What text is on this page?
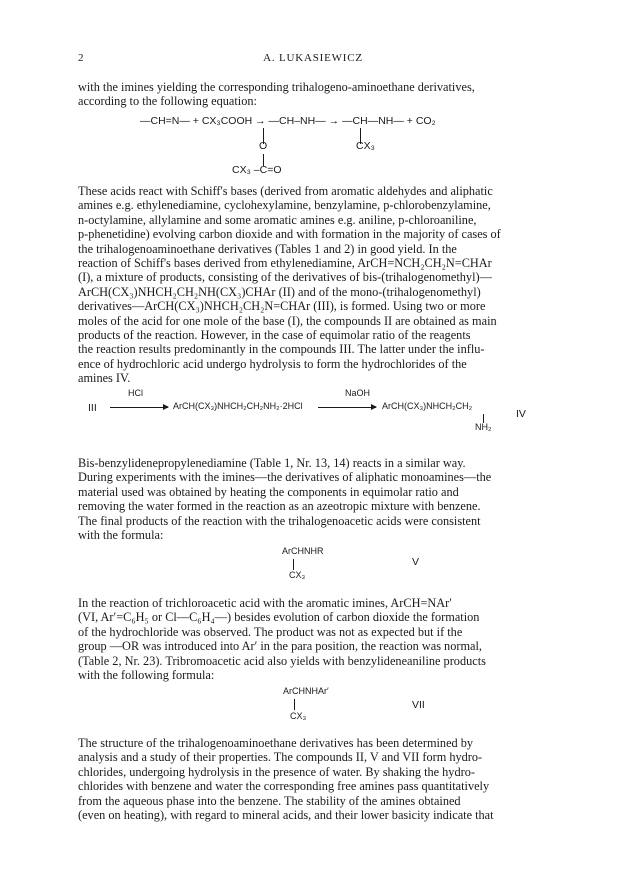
2	A. LUKASIEWICZ
with the imines yielding the corresponding trihalogeno-aminoethane derivatives,
according to the following equation:
—CH=N— + CX₃COOH → —CH–NH— → —CH—NH— + CO₂
O	CX₃
CX₃ –C=O
These acids react with Schiff's bases (derived from aromatic aldehydes and aliphatic
amines e.g. ethylenediamine, cyclohexylamine, benzylamine, p-chlorobenzylamine,
n-octylamine, allylamine and some aromatic amines e.g. aniline, p-chloroaniline,
p-phenetidine) evolving carbon dioxide and with formation in the majority of cases of
the trihalogenoaminoethane derivatives (Tables 1 and 2) in good yield. In the
reaction of Schiff's bases derived from ethylenediamine, ArCH=NCH₂CH₂N=CHAr
(I), a mixture of products, consisting of the derivatives of bis-(trihalogenomethyl)—
ArCH(CX₃)NHCH₂CH₂NH(CX₃)CHAr (II) and of the mono-(trihalogenomethyl)
derivatives—ArCH(CX₃)NHCH₂CH₂N=CHAr (III), is formed. Using two or more
moles of the acid for one mole of the base (I), the compounds II are obtained as main
products of the reaction. However, in the case of equimolar ratio of the reagents
the reaction results predominantly in the compounds III. The latter under the influ-
ence of hydrochloric acid undergo hydrolysis to form the hydrochlorides of the
amines IV.
III
HCl
→ ArCH(CX₃)NHCH₂CH₂NH₂·2HCl
NaOH
→ ArCH(CX₃)NHCH₂CH₂
NH₂
IV
Bis-benzylidenepropylenediamine (Table 1, Nr. 13, 14) reacts in a similar way.
During experiments with the imines—the derivatives of aliphatic monoamines—the
material used was obtained by heating the components in equimolar ratio and
removing the water formed in the reaction as an azeotropic mixture with benzene.
The final products of the reaction with the trihalogenoacetic acids were consistent
with the formula:
ArCHNHR
CX₃
V
In the reaction of trichloroacetic acid with the aromatic imines, ArCH=NAr′
(VI, Ar′=C₆H₅ or Cl—C₆H₄—) besides evolution of carbon dioxide the formation
of the hydrochloride was observed. The product was not as expected but if the
group —OR was introduced into Ar′ in the para position, the reaction was normal,
(Table 2, Nr. 23). Tribromoacetic acid also yields with benzylideneaniline products
with the following formula:
ArCHNHAr′
CX₃
VII
The structure of the trihalogenoaminoethane derivatives has been determined by
analysis and a study of their properties. The compounds II, V and VII form hydro-
chlorides, undergoing hydrolysis in the presence of water. By shaking the hydro-
chlorides with benzene and water the corresponding free amines pass quantitatively
from the aqueous phase into the benzene. The stability of the amines obtained
(even on heating), with regard to mineral acids, and their lower basicity indicate that
